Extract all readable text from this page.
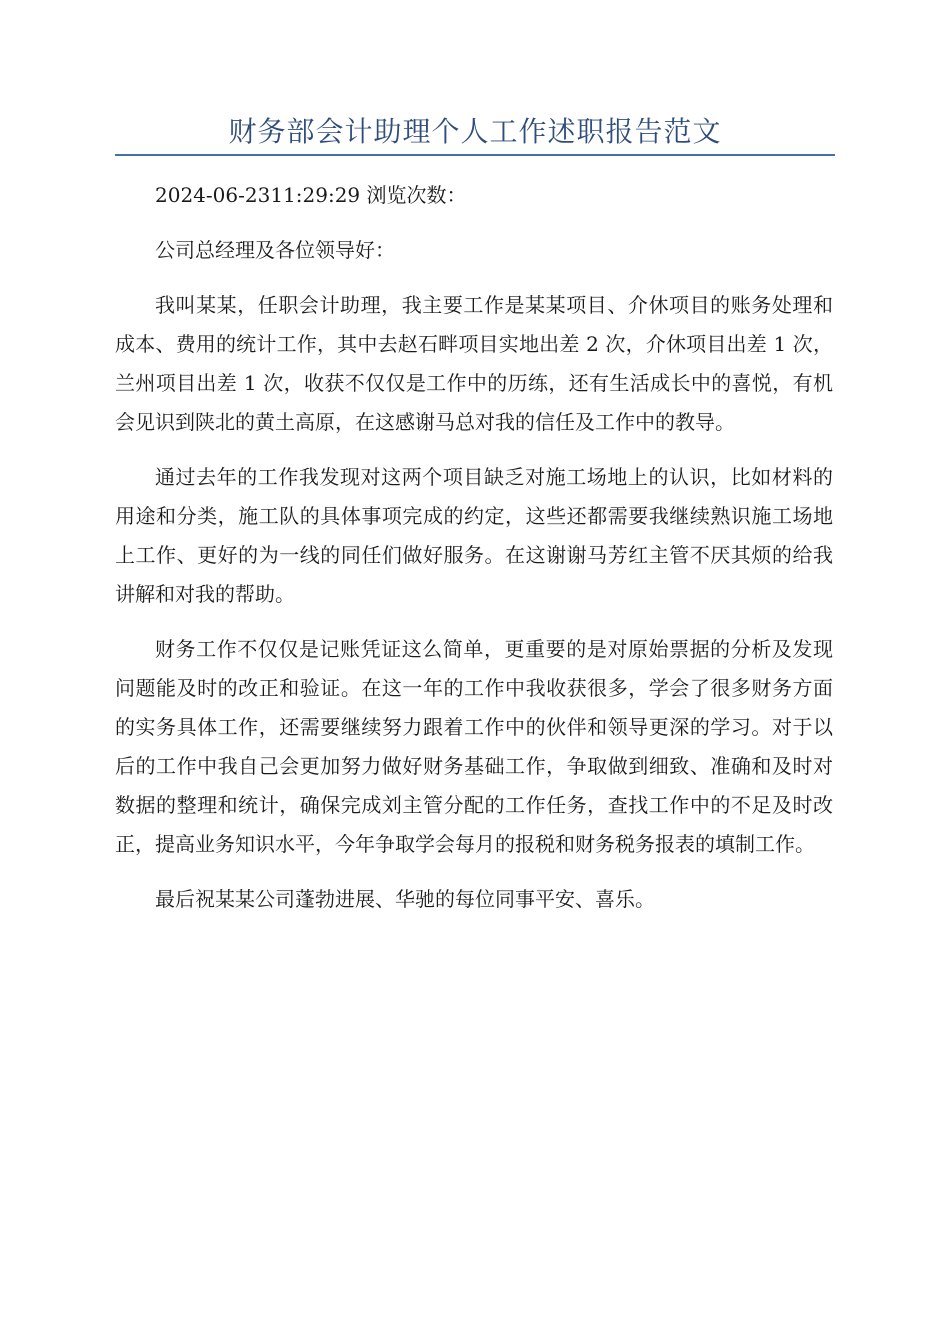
财务部会计助理个人工作述职报告范文

2024-06-2311:29:29 浏览次数：

公司总经理及各位领导好：

我叫某某，任职会计助理，我主要工作是某某项目、介休项目的账务处理和成本、费用的统计工作，其中去赵石畔项目实地出差 2 次，介休项目出差 1 次，兰州项目出差 1 次，收获不仅仅是工作中的历练，还有生活成长中的喜悦，有机会见识到陕北的黄土高原，在这感谢马总对我的信任及工作中的教导。

通过去年的工作我发现对这两个项目缺乏对施工场地上的认识，比如材料的用途和分类，施工队的具体事项完成的约定，这些还都需要我继续熟识施工场地上工作、更好的为一线的同任们做好服务。在这谢谢马芳红主管不厌其烦的给我讲解和对我的帮助。

财务工作不仅仅是记账凭证这么简单，更重要的是对原始票据的分析及发现问题能及时的改正和验证。在这一年的工作中我收获很多，学会了很多财务方面的实务具体工作，还需要继续努力跟着工作中的伙伴和领导更深的学习。对于以后的工作中我自己会更加努力做好财务基础工作，争取做到细致、准确和及时对数据的整理和统计，确保完成刘主管分配的工作任务，查找工作中的不足及时改正，提高业务知识水平，今年争取学会每月的报税和财务税务报表的填制工作。

最后祝某某公司蓬勃进展、华驰的每位同事平安、喜乐。
